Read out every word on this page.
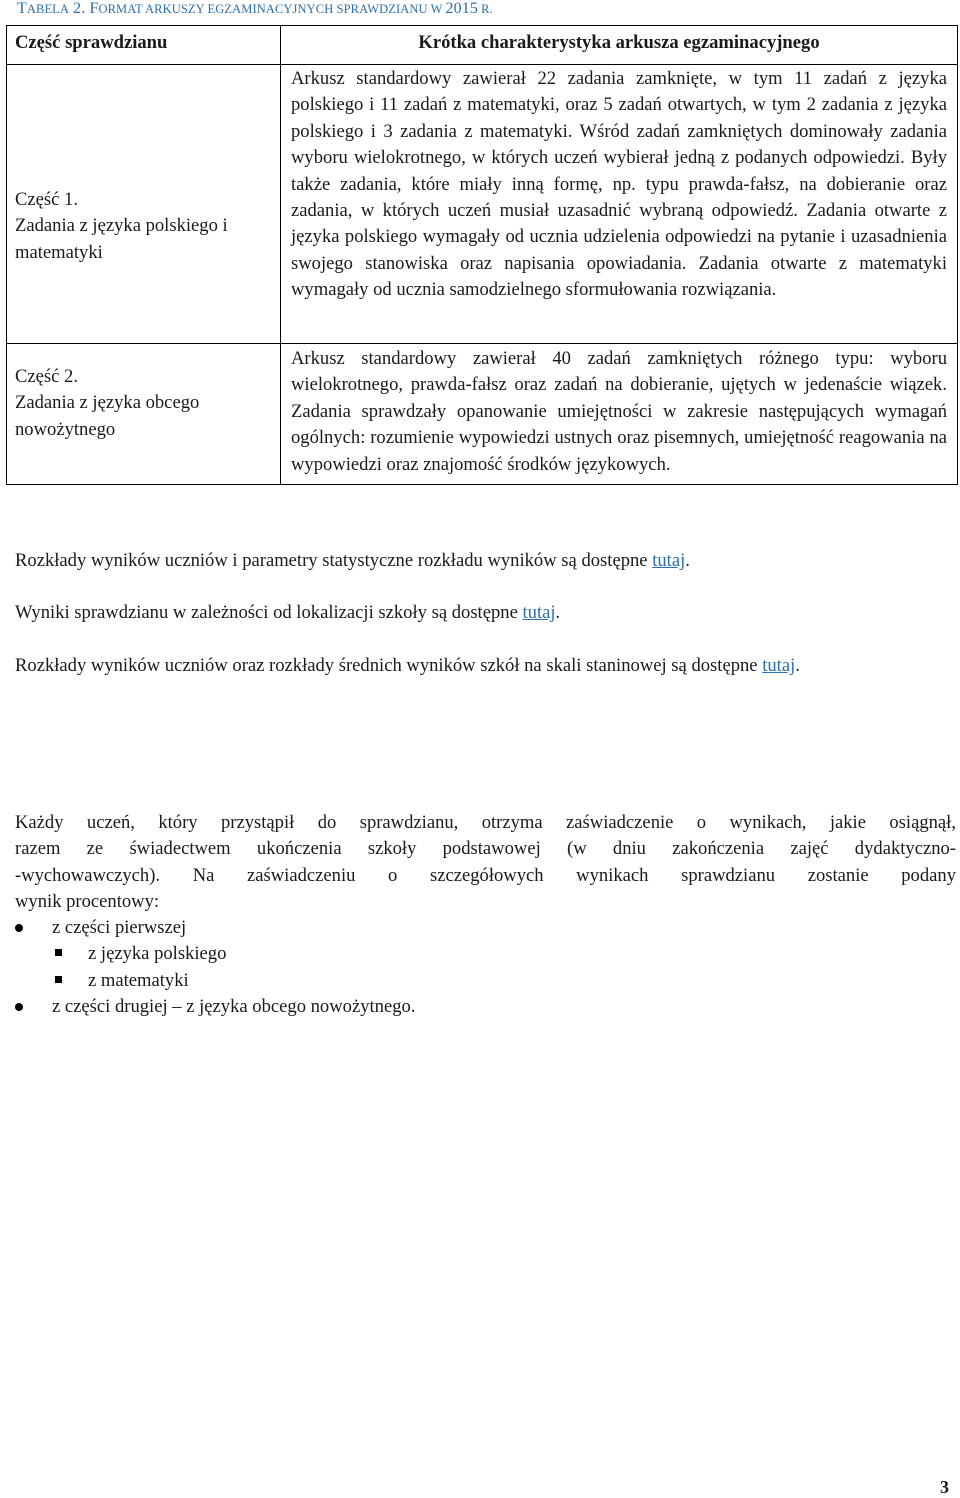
TABELA 2. FORMAT ARKUSZY EGZAMINACYJNYCH SPRAWDZIANU W 2015 R.
Część sprawdzianu	Krótka charakterystyka arkusza egzaminacyjnego

Część 1.
Zadania z języka polskiego i matematyki	Arkusz standardowy zawierał 22 zadania zamknięte, w tym 11 zadań z języka polskiego i 11 zadań z matematyki, oraz 5 zadań otwartych, w tym 2 zadania z języka polskiego i 3 zadania z matematyki. Wśród zadań zamkniętych dominowały zadania wyboru wielokrotnego, w których uczeń wybierał jedną z podanych odpowiedzi. Były także zadania, które miały inną formę, np. typu prawda-fałsz, na dobieranie oraz zadania, w których uczeń musiał uzasadnić wybraną odpowiedź. Zadania otwarte z języka polskiego wymagały od ucznia udzielenia odpowiedzi na pytanie i uzasadnienia swojego stanowiska oraz napisania opowiadania. Zadania otwarte z matematyki wymagały od ucznia samodzielnego sformułowania rozwiązania.

Część 2.
Zadania z języka obcego nowożytnego	Arkusz standardowy zawierał 40 zadań zamkniętych różnego typu: wyboru wielokrotnego, prawda-fałsz oraz zadań na dobieranie, ujętych w jedenaście wiązek. Zadania sprawdzały opanowanie umiejętności w zakresie następujących wymagań ogólnych: rozumienie wypowiedzi ustnych oraz pisemnych, umiejętność reagowania na wypowiedzi oraz znajomość środków językowych.

Rozkłady wyników uczniów i parametry statystyczne rozkładu wyników są dostępne tutaj.

Wyniki sprawdzianu w zależności od lokalizacji szkoły są dostępne tutaj.

Rozkłady wyników uczniów oraz rozkłady średnich wyników szkół na skali staninowej są dostępne tutaj.

Każdy uczeń, który przystąpił do sprawdzianu, otrzyma zaświadczenie o wynikach, jakie osiągnął,
razem ze świadectwem ukończenia szkoły podstawowej (w dniu zakończenia zajęć dydaktyczno-
-wychowawczych). Na zaświadczeniu o szczegółowych wynikach sprawdzianu zostanie podany
wynik procentowy:
z części pierwszej
z języka polskiego
z matematyki
z części drugiej – z języka obcego nowożytnego.
3
